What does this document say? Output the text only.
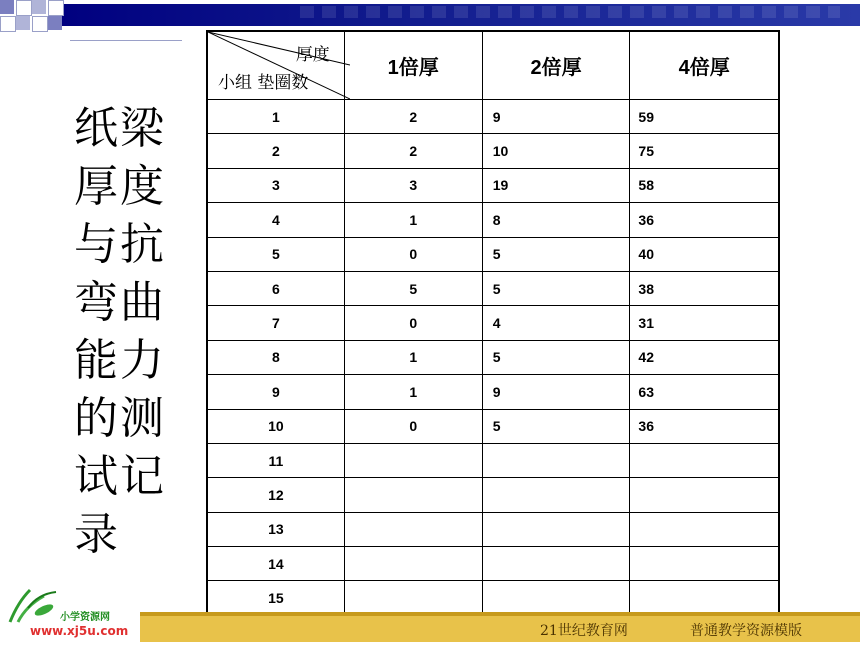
纸梁
厚度
与抗
弯曲
能力
的测
试记
录
厚度
小组 垫圈数	1倍厚	2倍厚	4倍厚
1	2	9	59
2	2	10	75
3	3	19	58
4	1	8	36
5	0	5	40
6	5	5	38
7	0	4	31
8	1	5	42
9	1	9	63
10	0	5	36
11			
12			
13			
14			
15			
21世纪教育网	普通教学资源模版
小学资源网
www.xj5u.com
